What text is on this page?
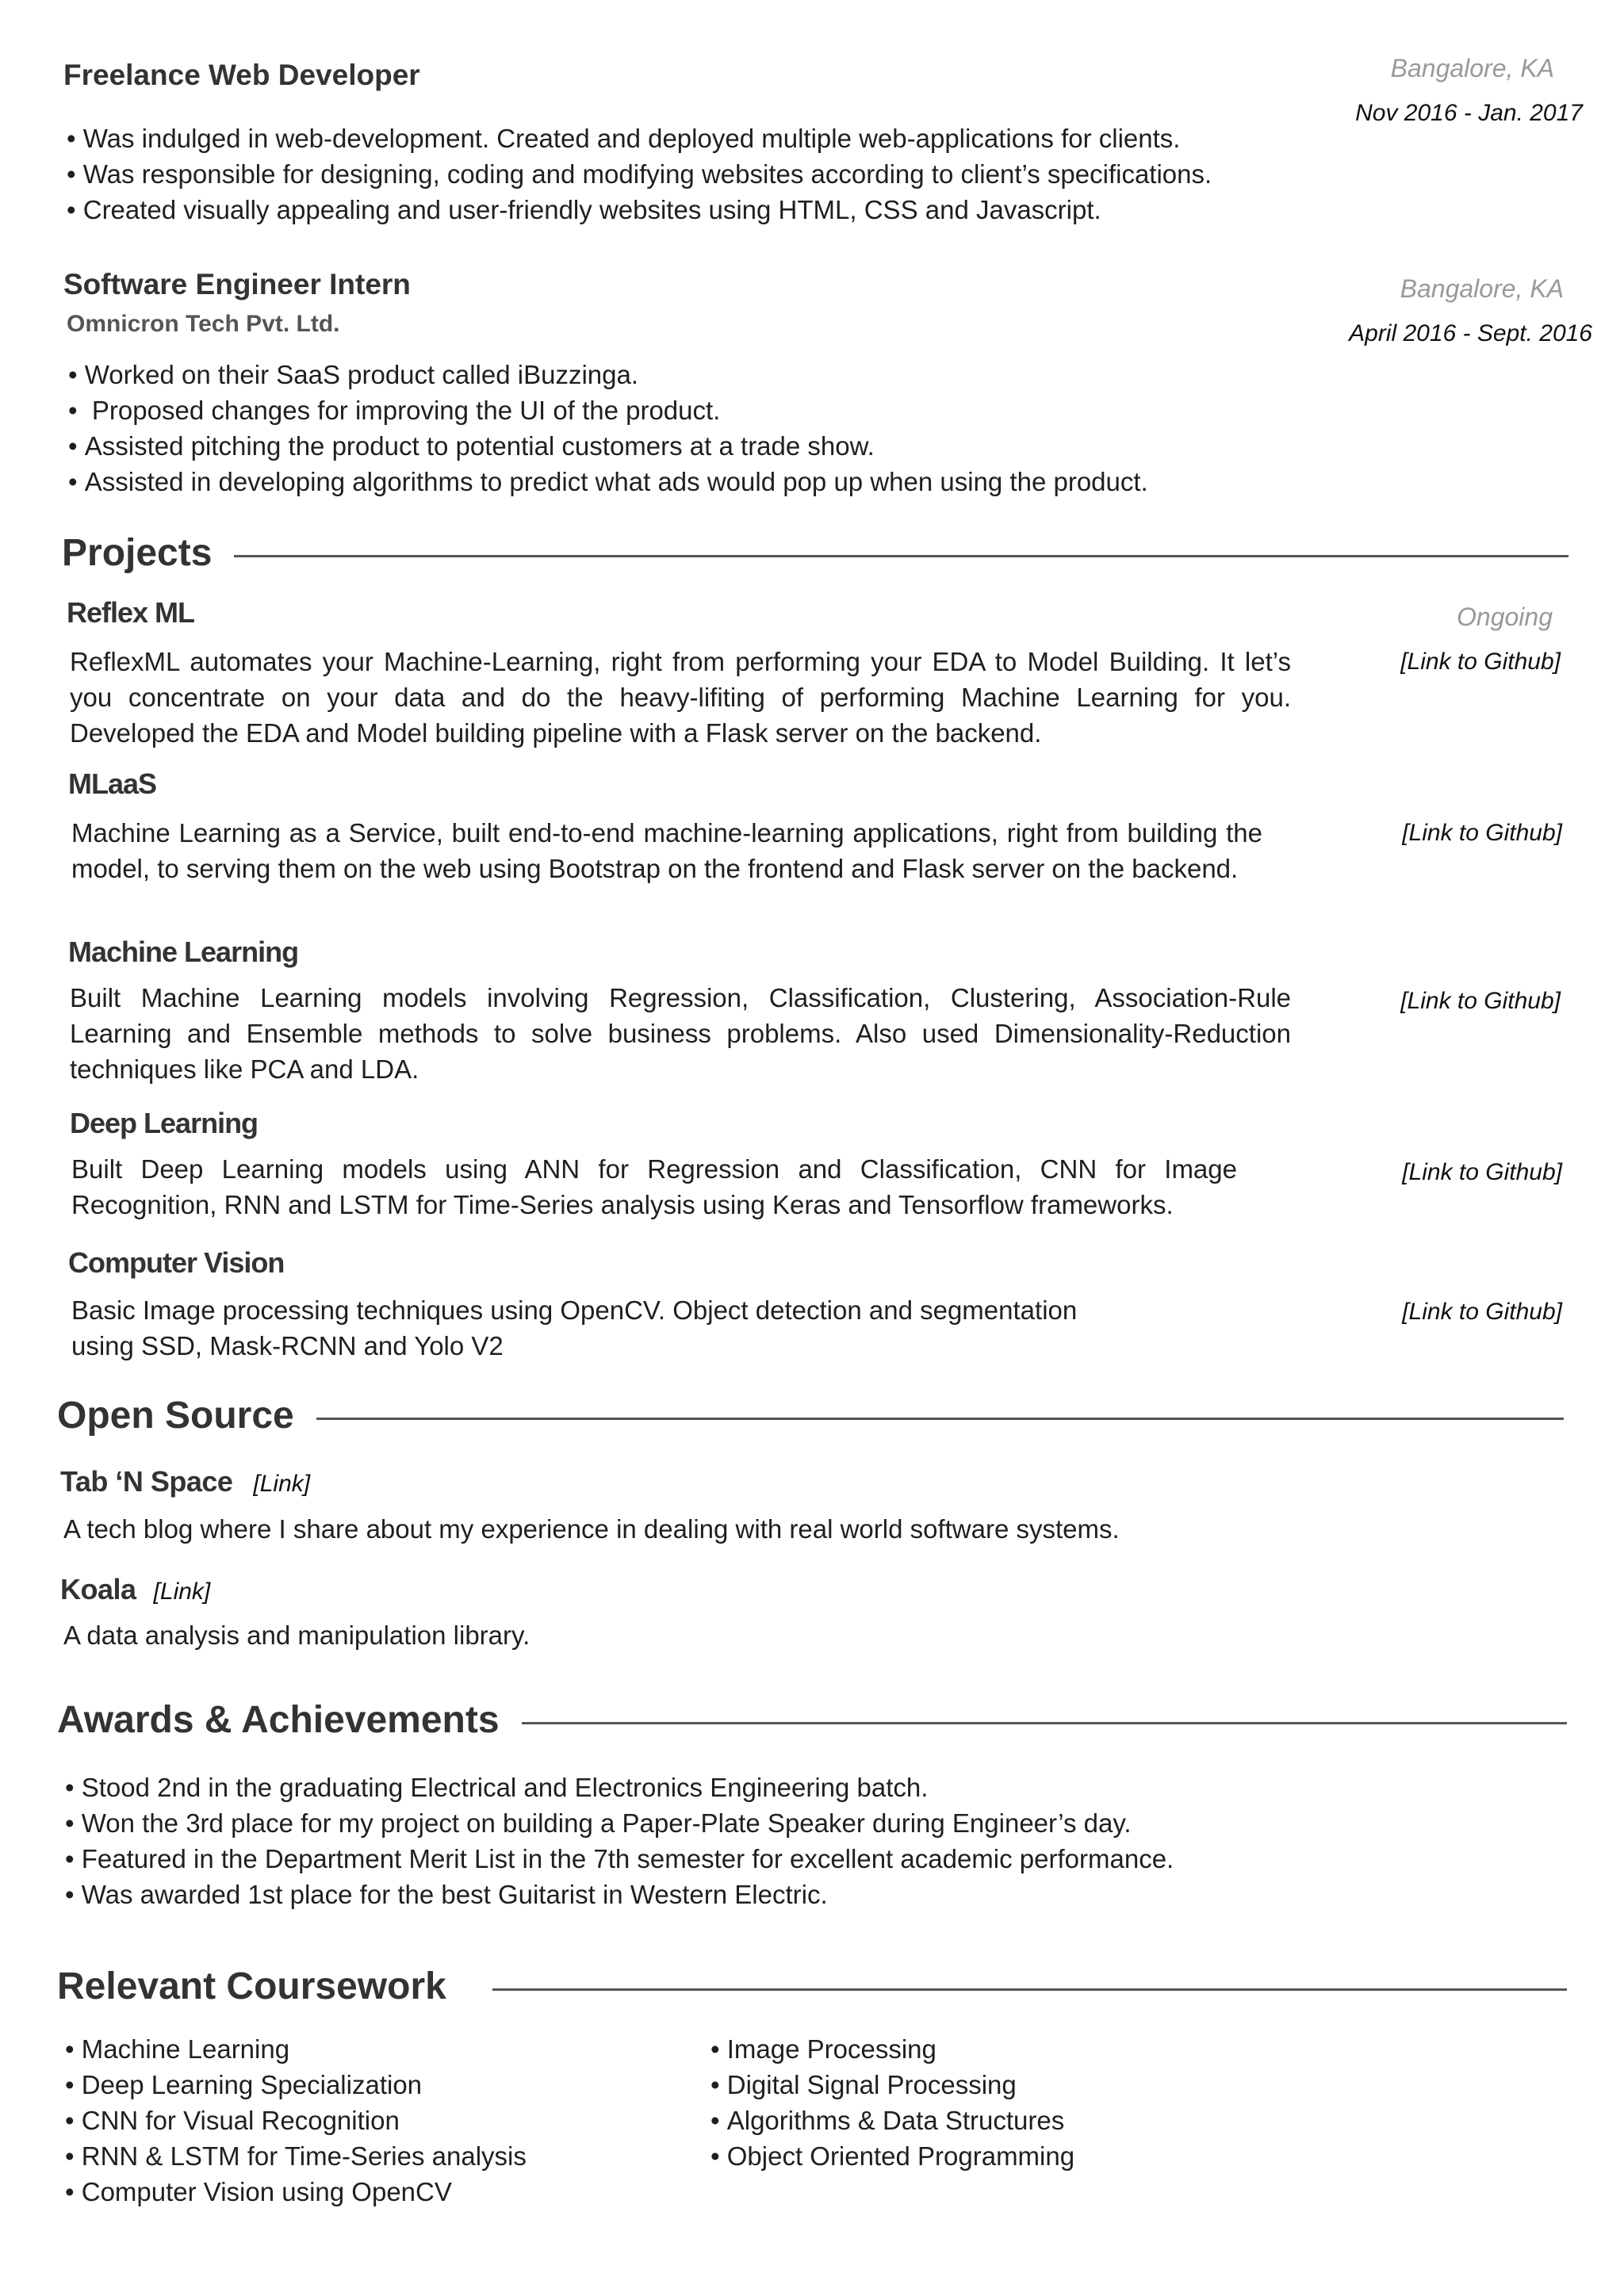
Freelance Web Developer	Bangalore, KA
Nov 2016 - Jan. 2017
• Was indulged in web-development. Created and deployed multiple web-applications for clients.
• Was responsible for designing, coding and modifying websites according to client’s specifications.
• Created visually appealing and user-friendly websites using HTML, CSS and Javascript.
Software Engineer Intern
Omnicron Tech Pvt. Ltd.
Bangalore, KA
April 2016 - Sept. 2016
• Worked on their SaaS product called iBuzzinga.
•  Proposed changes for improving the UI of the product.
• Assisted pitching the product to potential customers at a trade show.
• Assisted in developing algorithms to predict what ads would pop up when using the product.
Projects
Reflex ML	Ongoing
ReflexML automates your Machine-Learning, right from performing your EDA to Model Building. It let’s you concentrate on your data and do the heavy-lifiting of performing Machine Learning for you. Developed the EDA and Model building pipeline with a Flask server on the backend.
[Link to Github]
MLaaS
Machine Learning as a Service, built end-to-end machine-learning applications, right from building the model, to serving them on the web using Bootstrap on the frontend and Flask server on the backend.
[Link to Github]
Machine Learning
Built Machine Learning models involving Regression, Classification, Clustering, Association-Rule Learning and Ensemble methods to solve business problems. Also used Dimensionality-Reduction techniques like PCA and LDA.
[Link to Github]
Deep Learning
Built Deep Learning models using ANN for Regression and Classification, CNN for Image Recognition, RNN and LSTM for Time-Series analysis using Keras and Tensorflow frameworks.
[Link to Github]
Computer Vision
Basic Image processing techniques using OpenCV. Object detection and segmentation using SSD, Mask-RCNN and Yolo V2
[Link to Github]
Open Source
Tab ‘N Space [Link]
A tech blog where I share about my experience in dealing with real world software systems.
Koala [Link]
A data analysis and manipulation library.
Awards & Achievements
• Stood 2nd in the graduating Electrical and Electronics Engineering batch.
• Won the 3rd place for my project on building a Paper-Plate Speaker during Engineer’s day.
• Featured in the Department Merit List in the 7th semester for excellent academic performance.
• Was awarded 1st place for the best Guitarist in Western Electric.
Relevant Coursework
• Machine Learning
• Deep Learning Specialization
• CNN for Visual Recognition
• RNN & LSTM for Time-Series analysis
• Computer Vision using OpenCV
• Image Processing
• Digital Signal Processing
• Algorithms & Data Structures
• Object Oriented Programming
